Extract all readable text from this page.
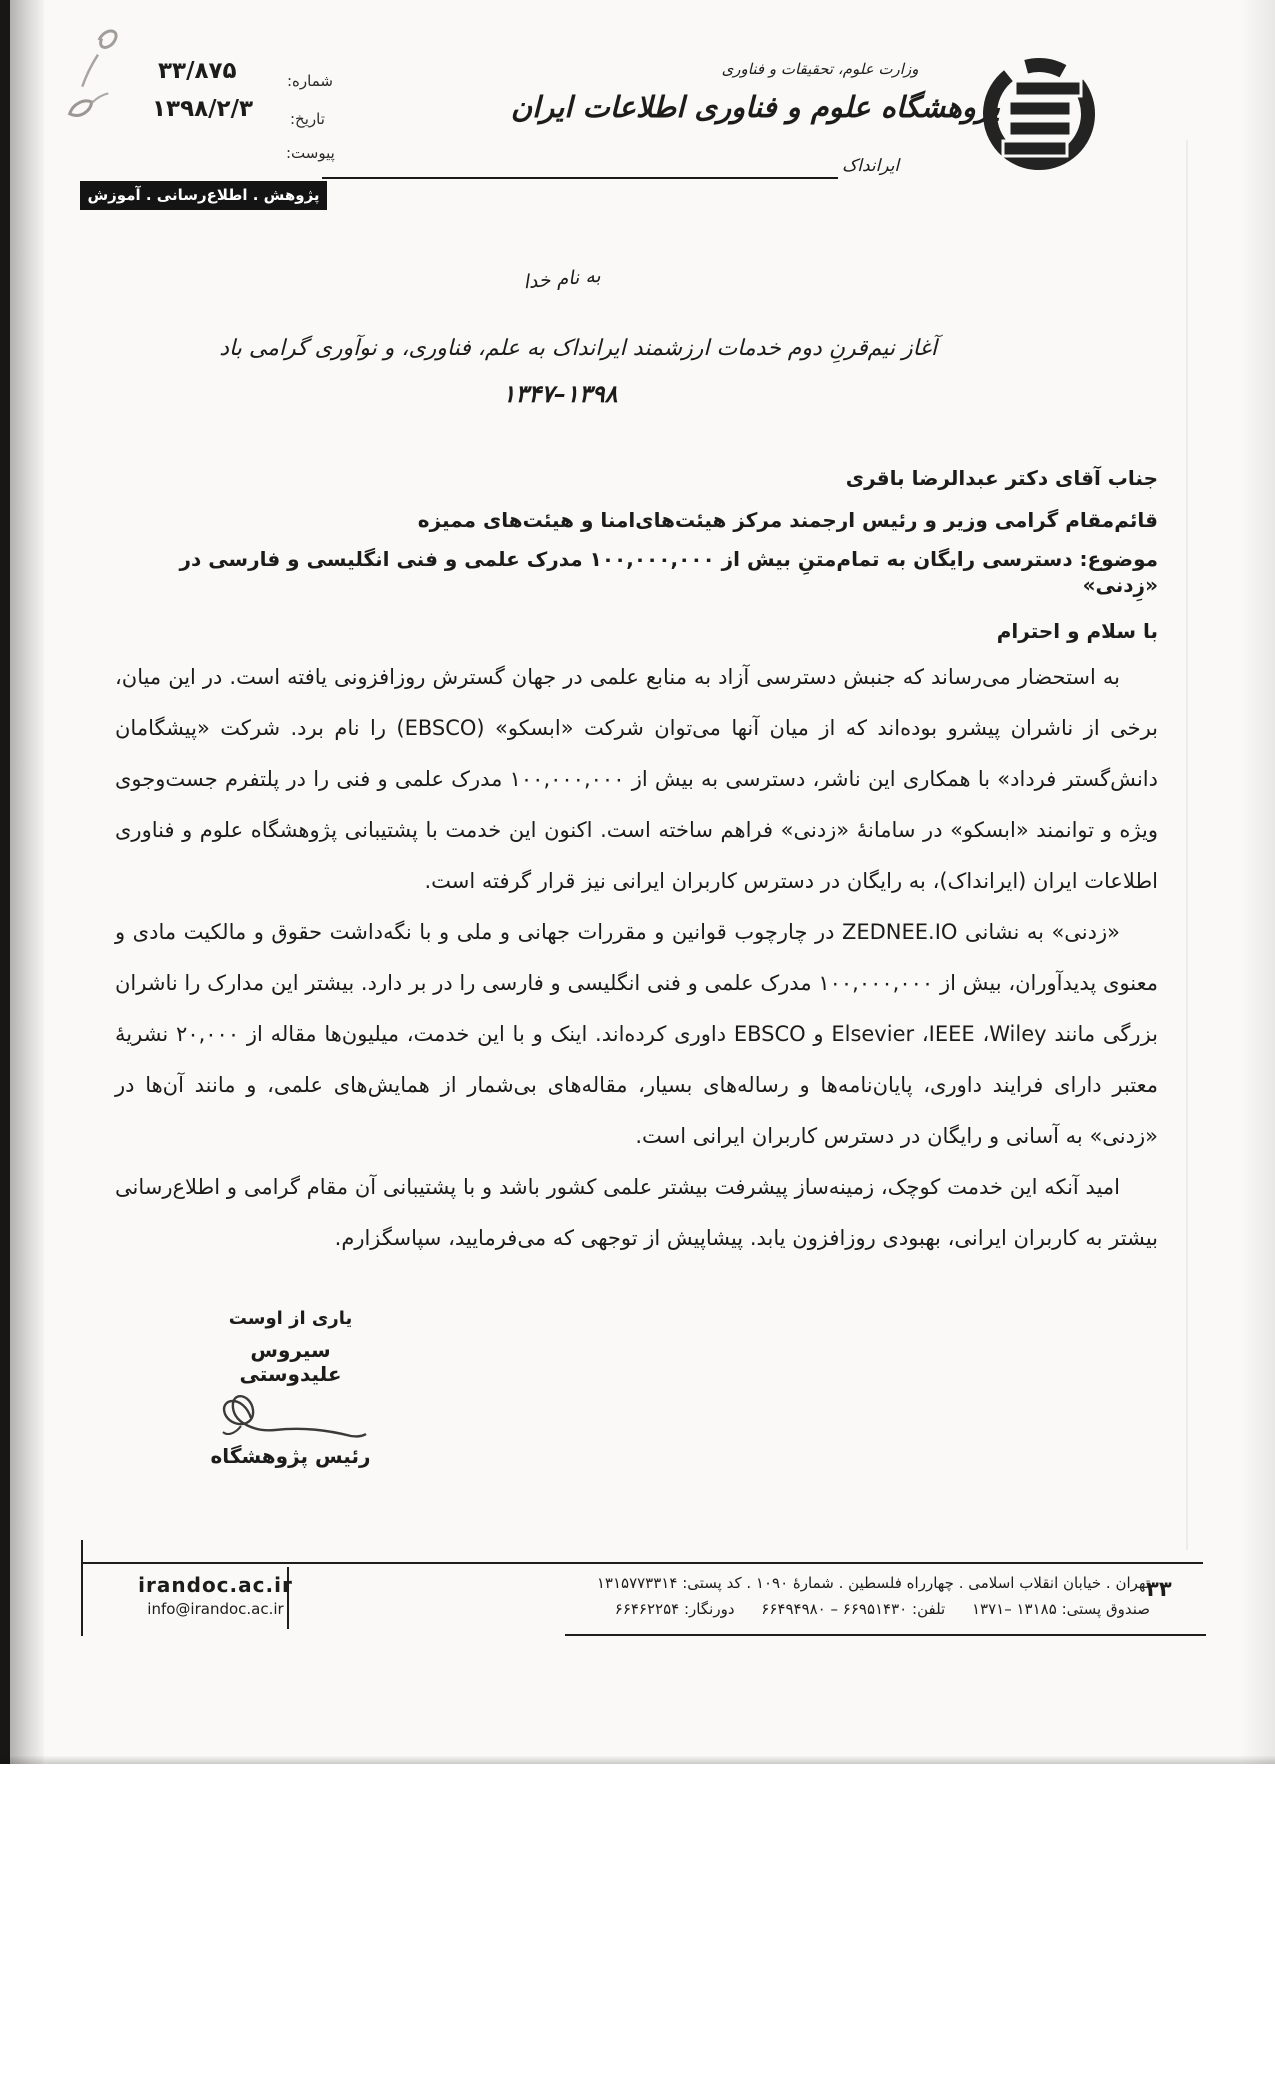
شماره:
۳۳/۸۷۵
تاریخ:
۱۳۹۸/۲/۳
پیوست:
وزارت علوم، تحقیقات و فناوری
پژوهشگاه علوم و فناوری اطلاعات ایران
ایرانداک
پژوهش . اطلاع‌رسانی . آموزش
به نام خدا
آغاز نیم‌قرنِ دوم خدمات ارزشمند ایرانداک به علم، فناوری، و نوآوری گرامی باد
۱۳۴۷–۱۳۹۸
جناب آقای دکتر عبدالرضا باقری
قائم‌مقام گرامی وزیر و رئیس ارجمند مرکز هیئت‌های‌امنا و هیئت‌های ممیزه
موضوع: دسترسی رایگان به تمام‌متنِ بیش از ۱۰۰,۰۰۰,۰۰۰ مدرک علمی و فنی انگلیسی و فارسی در «زِدنی»
با سلام و احترام

به استحضار می‌رساند که جنبش دسترسی آزاد به منابع علمی در جهان گسترش روزافزونی یافته است. در این میان، برخی از ناشران پیشرو بوده‌اند که از میان آنها می‌توان شرکت «ابسکو» (EBSCO) را نام برد. شرکت «پیشگامان دانش‌گستر فرداد» با همکاری این ناشر، دسترسی به بیش از ۱۰۰,۰۰۰,۰۰۰ مدرک علمی و فنی را در پلتفرم جست‌وجوی ویژه و توانمند «ابسکو» در سامانهٔ «زدنی» فراهم ساخته است. اکنون این خدمت با پشتیبانی پژوهشگاه علوم و فناوری اطلاعات ایران (ایرانداک)، به رایگان در دسترس کاربران ایرانی نیز قرار گرفته است.

«زدنی» به نشانی ZEDNEE.IO در چارچوب قوانین و مقررات جهانی و ملی و با نگه‌داشت حقوق و مالکیت مادی و معنوی پدیدآوران، بیش از ۱۰۰,۰۰۰,۰۰۰ مدرک علمی و فنی انگلیسی و فارسی را در بر دارد. بیشتر این مدارک را ناشران بزرگی مانند Wiley،‏ IEEE،‏ Elsevier و EBSCO داوری کرده‌اند. اینک و با این خدمت، میلیون‌ها مقاله از ۲۰,۰۰۰ نشریهٔ معتبر دارای فرایند داوری، پایان‌نامه‌ها و رساله‌های بسیار، مقاله‌های بی‌شمار از همایش‌های علمی، و مانند آن‌ها در «زدنی» به آسانی و رایگان در دسترس کاربران ایرانی است.

امید آنکه این خدمت کوچک، زمینه‌ساز پیشرفت بیشتر علمی کشور باشد و با پشتیبانی آن مقام گرامی و اطلاع‌رسانی بیشتر به کاربران ایرانی، بهبودی روزافزون یابد. پیشاپیش از توجهی که می‌فرمایید، سپاسگزارم.

یاری از اوست
سیروس علیدوستی
رئیس پژوهشگاه
irandoc.ac.ir
info@irandoc.ac.ir
تهران . خیابان انقلاب اسلامی . چهارراه فلسطین . شمارهٔ ۱۰۹۰ . کد پستی: ۱۳۱۵۷۷۳۳۱۴
صندوق پستی: ۱۳۷۱– ۱۳۱۸۵ تلفن: ۶۶۴۹۴۹۸۰ – ۶۶۹۵۱۴۳۰ دورنگار: ۶۶۴۶۲۲۵۴
۳۳
